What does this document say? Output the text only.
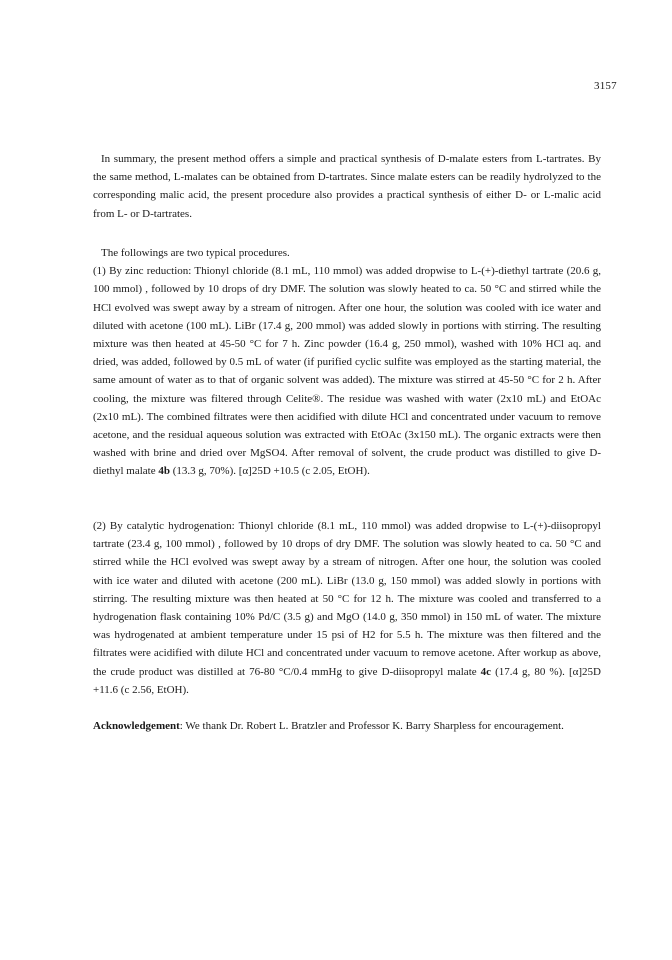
3157

In summary, the present method offers a simple and practical synthesis of D-malate esters from L-tartrates. By the same method, L-malates can be obtained from D-tartrates. Since malate esters can be readily hydrolyzed to the corresponding malic acid, the present procedure also provides a practical synthesis of either D- or L-malic acid from L- or D-tartrates.

The followings are two typical procedures.

(1) By zinc reduction: Thionyl chloride (8.1 mL, 110 mmol) was added dropwise to L-(+)-diethyl tartrate (20.6 g, 100 mmol) , followed by 10 drops of dry DMF. The solution was slowly heated to ca. 50 °C and stirred while the HCl evolved was swept away by a stream of nitrogen. After one hour, the solution was cooled with ice water and diluted with acetone (100 mL). LiBr (17.4 g, 200 mmol) was added slowly in portions with stirring. The resulting mixture was then heated at 45-50 °C for 7 h. Zinc powder (16.4 g, 250 mmol), washed with 10% HCl aq. and dried, was added, followed by 0.5 mL of water (if purified cyclic sulfite was employed as the starting material, the same amount of water as to that of organic solvent was added). The mixture was stirred at 45-50 °C for 2 h. After cooling, the mixture was filtered through Celite®. The residue was washed with water (2x10 mL) and EtOAc (2x10 mL). The combined filtrates were then acidified with dilute HCl and concentrated under vacuum to remove acetone, and the residual aqueous solution was extracted with EtOAc (3x150 mL). The organic extracts were then washed with brine and dried over MgSO4. After removal of solvent, the crude product was distilled to give D-diethyl malate 4b (13.3 g, 70%). [α]25D +10.5 (c 2.05, EtOH).

(2) By catalytic hydrogenation: Thionyl chloride (8.1 mL, 110 mmol) was added dropwise to L-(+)-diisopropyl tartrate (23.4 g, 100 mmol) , followed by 10 drops of dry DMF. The solution was slowly heated to ca. 50 °C and stirred while the HCl evolved was swept away by a stream of nitrogen. After one hour, the solution was cooled with ice water and diluted with acetone (200 mL). LiBr (13.0 g, 150 mmol) was added slowly in portions with stirring. The resulting mixture was then heated at 50 °C for 12 h. The mixture was cooled and transferred to a hydrogenation flask containing 10% Pd/C (3.5 g) and MgO (14.0 g, 350 mmol) in 150 mL of water. The mixture was hydrogenated at ambient temperature under 15 psi of H2 for 5.5 h. The mixture was then filtered and the filtrates were acidified with dilute HCl and concentrated under vacuum to remove acetone. After workup as above, the crude product was distilled at 76-80 °C/0.4 mmHg to give D-diisopropyl malate 4c (17.4 g, 80 %). [α]25D +11.6 (c 2.56, EtOH).

Acknowledgement: We thank Dr. Robert L. Bratzler and Professor K. Barry Sharpless for encouragement.
